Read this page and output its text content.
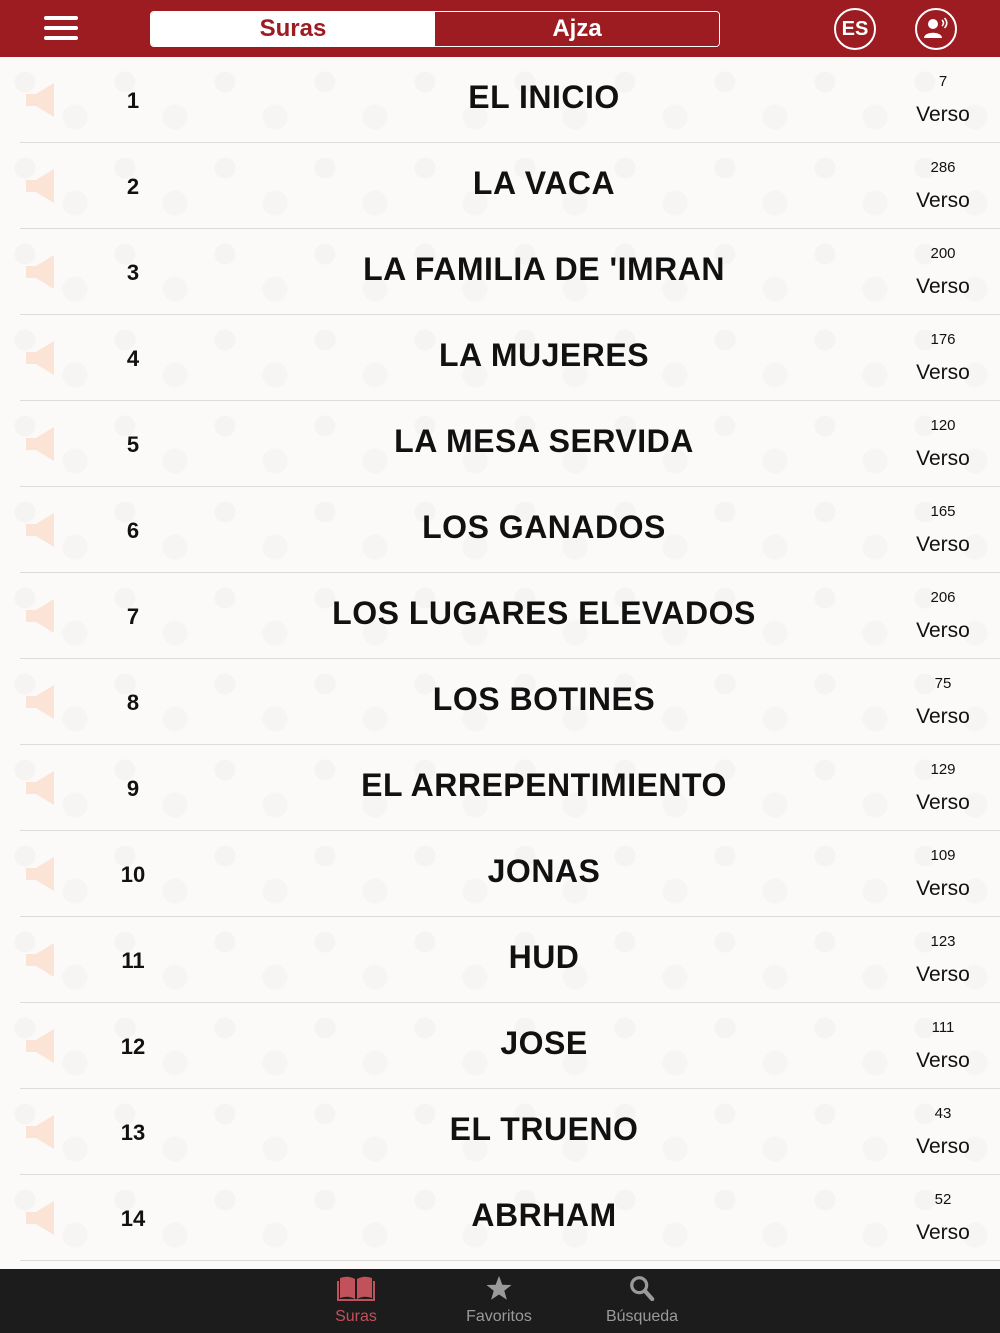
Suras	Ajza	ES
1	EL INICIO	7
Verso
2	LA VACA	286
Verso
3	LA FAMILIA DE 'IMRAN	200
Verso
4	LA MUJERES	176
Verso
5	LA MESA SERVIDA	120
Verso
6	LOS GANADOS	165
Verso
7	LOS LUGARES ELEVADOS	206
Verso
8	LOS BOTINES	75
Verso
9	EL ARREPENTIMIENTO	129
Verso
10	JONAS	109
Verso
11	HUD	123
Verso
12	JOSE	111
Verso
13	EL TRUENO	43
Verso
14	ABRHAM	52
Verso
Suras	Favoritos	Búsqueda
